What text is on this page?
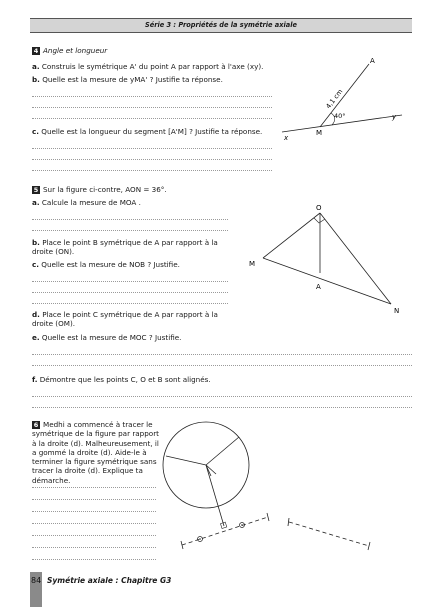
Série 3 : Propriétés de la symétrie axiale
4 Angle et longueur
a. Construis le symétrique A' du point A par rapport à l'axe (xy).
b. Quelle est la mesure de yMA' ? Justifie ta réponse.
c. Quelle est la longueur du segment [A'M] ? Justifie ta réponse.	M
A
x
y
40°
4,1 cm
5 Sur la figure ci-contre, AON = 36°.
a. Calcule la mesure de MOA .
b. Place le point B symétrique de A par rapport à la droite (ON).
c. Quelle est la mesure de NOB ? Justifie.
d. Place le point C symétrique de A par rapport à la droite (OM).
e. Quelle est la mesure de MOC ? Justifie.
f. Démontre que les points C, O et B sont alignés.
O
M
A
N
6 Medhi a commencé à tracer le symétrique de la figure par rapport à la droite (d). Malheureusement, il a gommé la droite (d). Aide-le à terminer la figure symétrique sans tracer la droite (d). Explique ta démarche.
84 Symétrie axiale : Chapitre G3
